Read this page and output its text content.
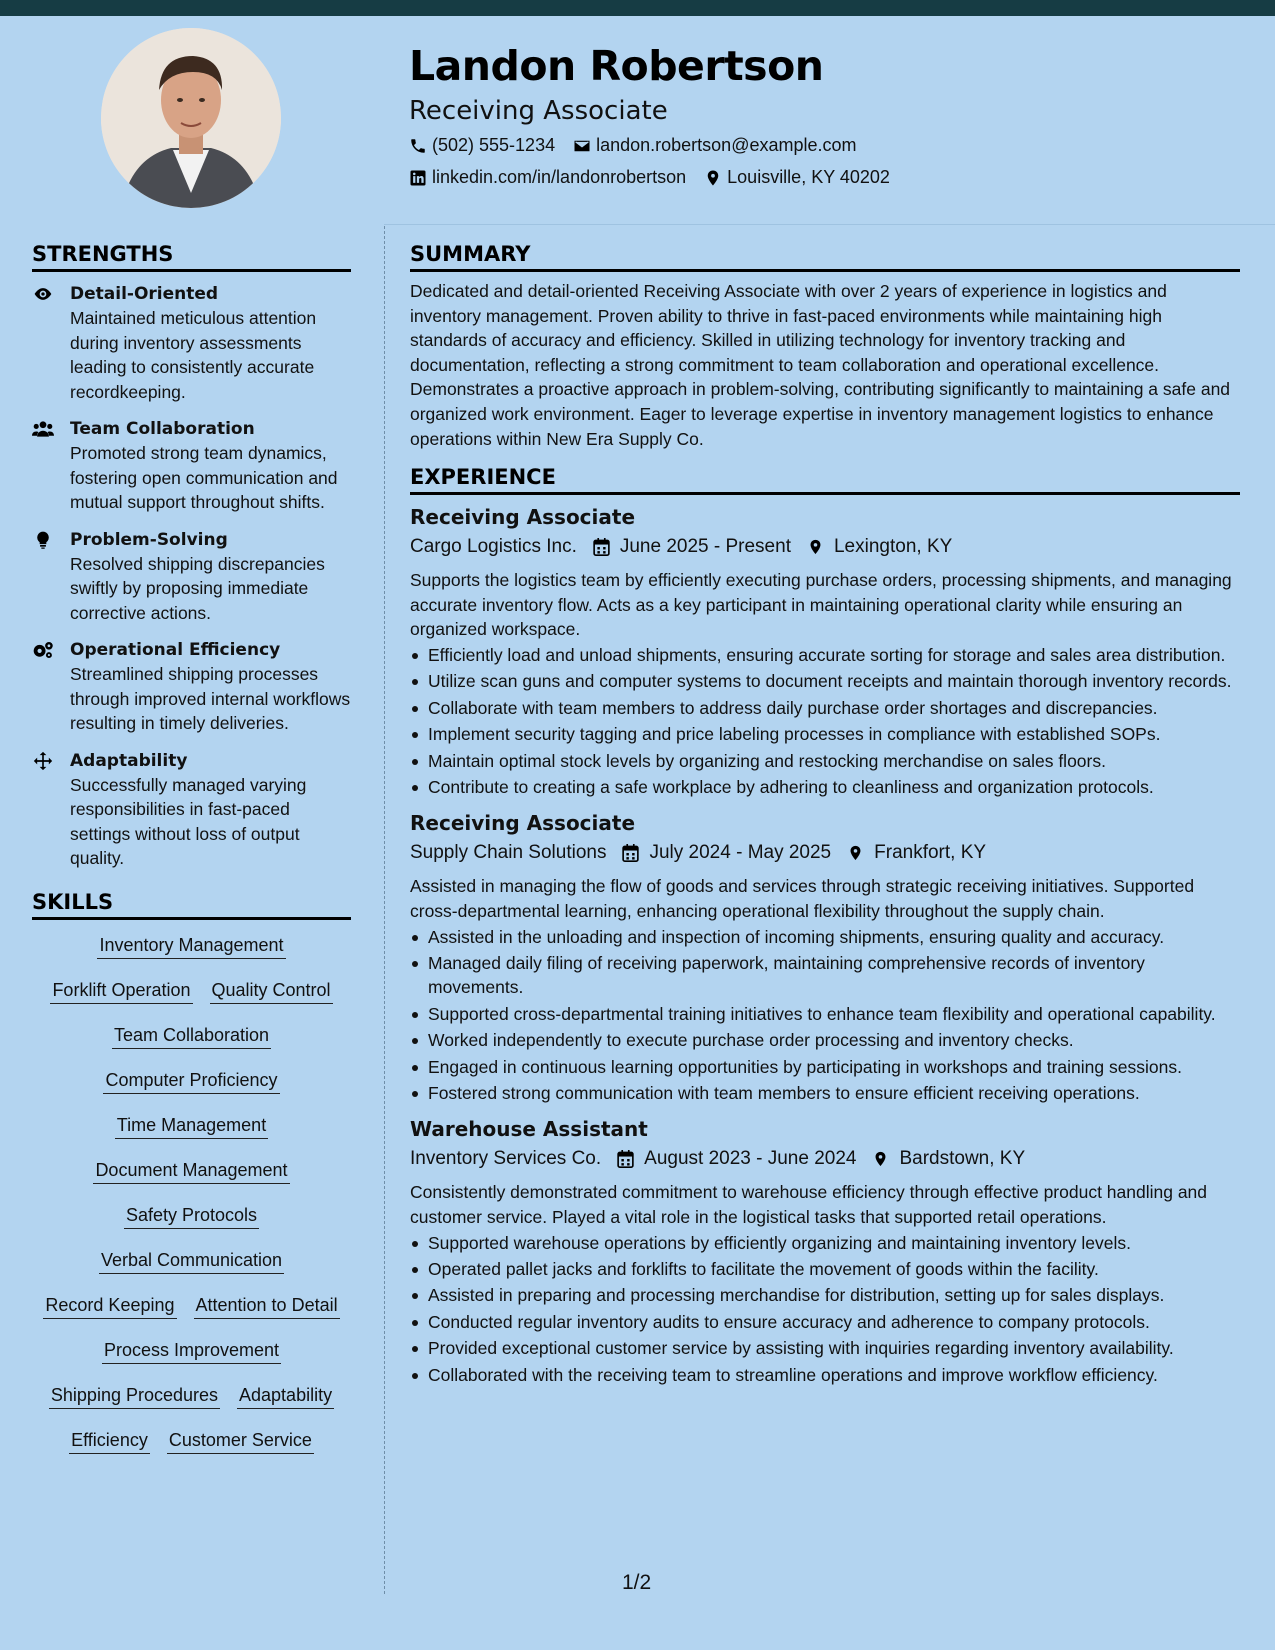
Landon Robertson
Receiving Associate
(502) 555-1234 landon.robertson@example.com
linkedin.com/in/landonrobertson Louisville, KY 40202
STRENGTHS
Detail-Oriented
Maintained meticulous attention during inventory assessments leading to consistently accurate recordkeeping.
Team Collaboration
Promoted strong team dynamics, fostering open communication and mutual support throughout shifts.
Problem-Solving
Resolved shipping discrepancies swiftly by proposing immediate corrective actions.
Operational Efficiency
Streamlined shipping processes through improved internal workflows resulting in timely deliveries.
Adaptability
Successfully managed varying responsibilities in fast-paced settings without loss of output quality.
SKILLS
Inventory Management
Forklift Operation Quality Control
Team Collaboration
Computer Proficiency
Time Management
Document Management
Safety Protocols
Verbal Communication
Record Keeping Attention to Detail
Process Improvement
Shipping Procedures Adaptability
Efficiency Customer Service
SUMMARY

Dedicated and detail-oriented Receiving Associate with over 2 years of experience in logistics and inventory management. Proven ability to thrive in fast-paced environments while maintaining high standards of accuracy and efficiency. Skilled in utilizing technology for inventory tracking and documentation, reflecting a strong commitment to team collaboration and operational excellence. Demonstrates a proactive approach in problem-solving, contributing significantly to maintaining a safe and organized work environment. Eager to leverage expertise in inventory management logistics to enhance operations within New Era Supply Co.

EXPERIENCE
Receiving Associate
Cargo Logistics Inc. June 2025 - Present Lexington, KY

Supports the logistics team by efficiently executing purchase orders, processing shipments, and managing accurate inventory flow. Acts as a key participant in maintaining operational clarity while ensuring an organized workspace.

Efficiently load and unload shipments, ensuring accurate sorting for storage and sales area distribution.
Utilize scan guns and computer systems to document receipts and maintain thorough inventory records.
Collaborate with team members to address daily purchase order shortages and discrepancies.
Implement security tagging and price labeling processes in compliance with established SOPs.
Maintain optimal stock levels by organizing and restocking merchandise on sales floors.
Contribute to creating a safe workplace by adhering to cleanliness and organization protocols.
Receiving Associate
Supply Chain Solutions July 2024 - May 2025 Frankfort, KY

Assisted in managing the flow of goods and services through strategic receiving initiatives. Supported cross-departmental learning, enhancing operational flexibility throughout the supply chain.

Assisted in the unloading and inspection of incoming shipments, ensuring quality and accuracy.
Managed daily filing of receiving paperwork, maintaining comprehensive records of inventory movements.
Supported cross-departmental training initiatives to enhance team flexibility and operational capability.
Worked independently to execute purchase order processing and inventory checks.
Engaged in continuous learning opportunities by participating in workshops and training sessions.
Fostered strong communication with team members to ensure efficient receiving operations.
Warehouse Assistant
Inventory Services Co. August 2023 - June 2024 Bardstown, KY

Consistently demonstrated commitment to warehouse efficiency through effective product handling and customer service. Played a vital role in the logistical tasks that supported retail operations.

Supported warehouse operations by efficiently organizing and maintaining inventory levels.
Operated pallet jacks and forklifts to facilitate the movement of goods within the facility.
Assisted in preparing and processing merchandise for distribution, setting up for sales displays.
Conducted regular inventory audits to ensure accuracy and adherence to company protocols.
Provided exceptional customer service by assisting with inquiries regarding inventory availability.
Collaborated with the receiving team to streamline operations and improve workflow efficiency.
1/2
